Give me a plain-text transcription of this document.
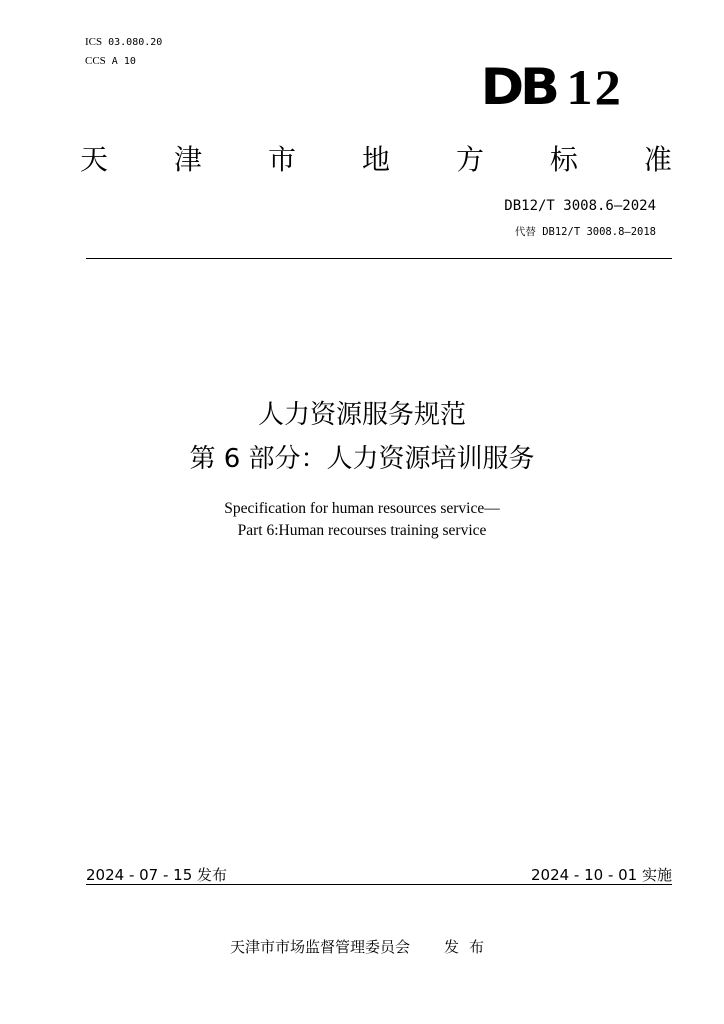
ICS 03.080.20
CCS A 10	DB 12
天 津 市 地 方 标 准
DB12/T 3008.6—2024
代替 DB12/T 3008.8—2018
人力资源服务规范
第 6 部分：人力资源培训服务
Specification for human resources service—
Part 6:Human recourses training service
2024 - 07 - 15 发布	2024 - 10 - 01 实施
天津市市场监督管理委员会 发布
